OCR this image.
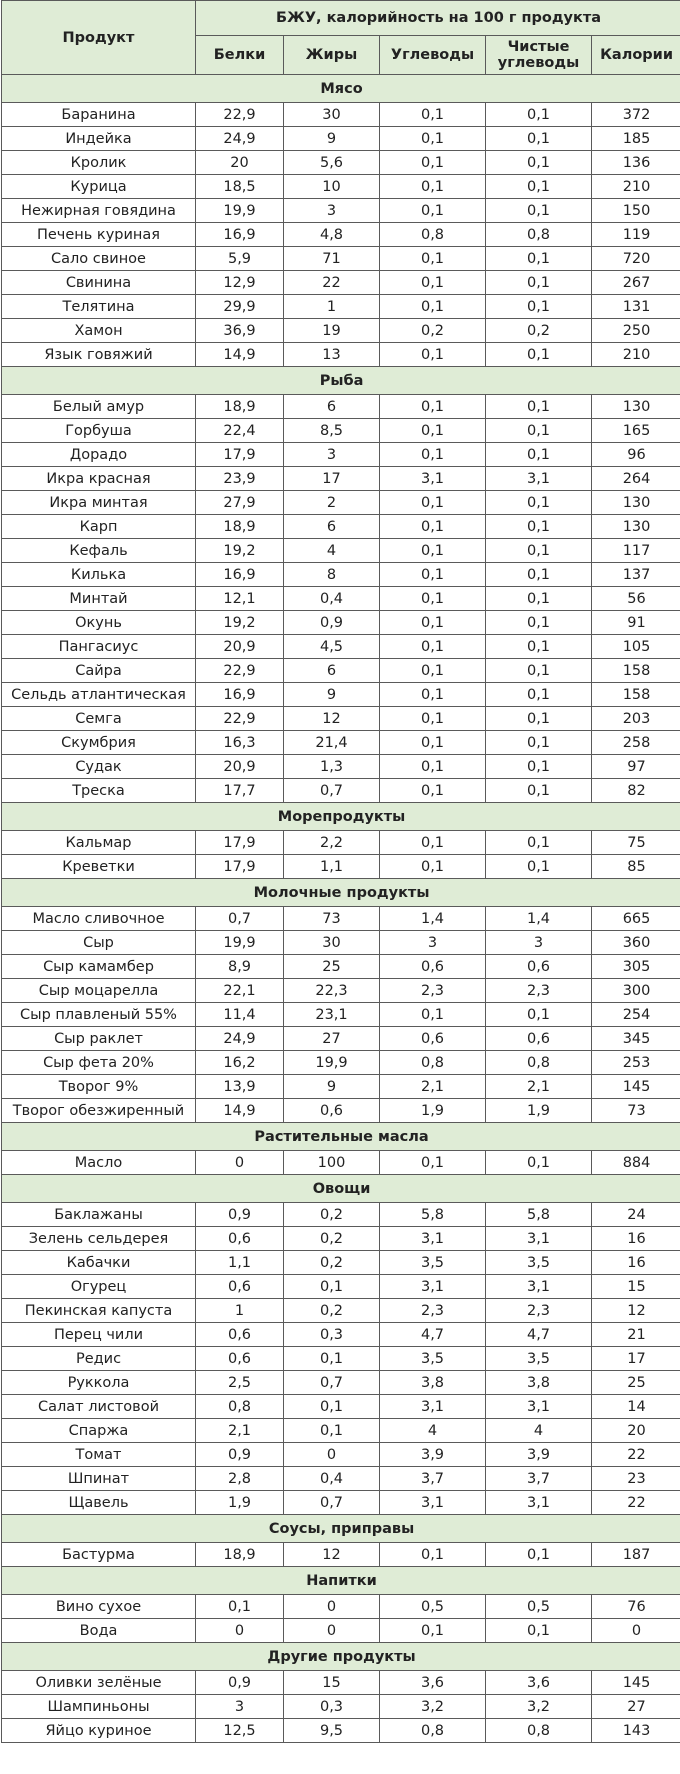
Продукт	БЖУ, калорийность на 100 г продукта				
	Белки	Жиры	Углеводы	Чистые углеводы	Калории
Мясо					
Баранина	22,9	30	0,1	0,1	372
Индейка	24,9	9	0,1	0,1	185
Кролик	20	5,6	0,1	0,1	136
Курица	18,5	10	0,1	0,1	210
Нежирная говядина	19,9	3	0,1	0,1	150
Печень куриная	16,9	4,8	0,8	0,8	119
Сало свиное	5,9	71	0,1	0,1	720
Свинина	12,9	22	0,1	0,1	267
Телятина	29,9	1	0,1	0,1	131
Хамон	36,9	19	0,2	0,2	250
Язык говяжий	14,9	13	0,1	0,1	210
Рыба					
Белый амур	18,9	6	0,1	0,1	130
Горбуша	22,4	8,5	0,1	0,1	165
Дорадо	17,9	3	0,1	0,1	96
Икра красная	23,9	17	3,1	3,1	264
Икра минтая	27,9	2	0,1	0,1	130
Карп	18,9	6	0,1	0,1	130
Кефаль	19,2	4	0,1	0,1	117
Килька	16,9	8	0,1	0,1	137
Минтай	12,1	0,4	0,1	0,1	56
Окунь	19,2	0,9	0,1	0,1	91
Пангасиус	20,9	4,5	0,1	0,1	105
Сайра	22,9	6	0,1	0,1	158
Сельдь атлантическая	16,9	9	0,1	0,1	158
Семга	22,9	12	0,1	0,1	203
Скумбрия	16,3	21,4	0,1	0,1	258
Судак	20,9	1,3	0,1	0,1	97
Треска	17,7	0,7	0,1	0,1	82
Морепродукты					
Кальмар	17,9	2,2	0,1	0,1	75
Креветки	17,9	1,1	0,1	0,1	85
Молочные продукты					
Масло сливочное	0,7	73	1,4	1,4	665
Сыр	19,9	30	3	3	360
Сыр камамбер	8,9	25	0,6	0,6	305
Сыр моцарелла	22,1	22,3	2,3	2,3	300
Сыр плавленый 55%	11,4	23,1	0,1	0,1	254
Сыр раклет	24,9	27	0,6	0,6	345
Сыр фета 20%	16,2	19,9	0,8	0,8	253
Творог 9%	13,9	9	2,1	2,1	145
Творог обезжиренный	14,9	0,6	1,9	1,9	73
Растительные масла					
Масло	0	100	0,1	0,1	884
Овощи					
Баклажаны	0,9	0,2	5,8	5,8	24
Зелень сельдерея	0,6	0,2	3,1	3,1	16
Кабачки	1,1	0,2	3,5	3,5	16
Огурец	0,6	0,1	3,1	3,1	15
Пекинская капуста	1	0,2	2,3	2,3	12
Перец чили	0,6	0,3	4,7	4,7	21
Редис	0,6	0,1	3,5	3,5	17
Руккола	2,5	0,7	3,8	3,8	25
Салат листовой	0,8	0,1	3,1	3,1	14
Спаржа	2,1	0,1	4	4	20
Томат	0,9	0	3,9	3,9	22
Шпинат	2,8	0,4	3,7	3,7	23
Щавель	1,9	0,7	3,1	3,1	22
Соусы, приправы					
Бастурма	18,9	12	0,1	0,1	187
Напитки					
Вино сухое	0,1	0	0,5	0,5	76
Вода	0	0	0,1	0,1	0
Другие продукты					
Оливки зелёные	0,9	15	3,6	3,6	145
Шампиньоны	3	0,3	3,2	3,2	27
Яйцо куриное	12,5	9,5	0,8	0,8	143
